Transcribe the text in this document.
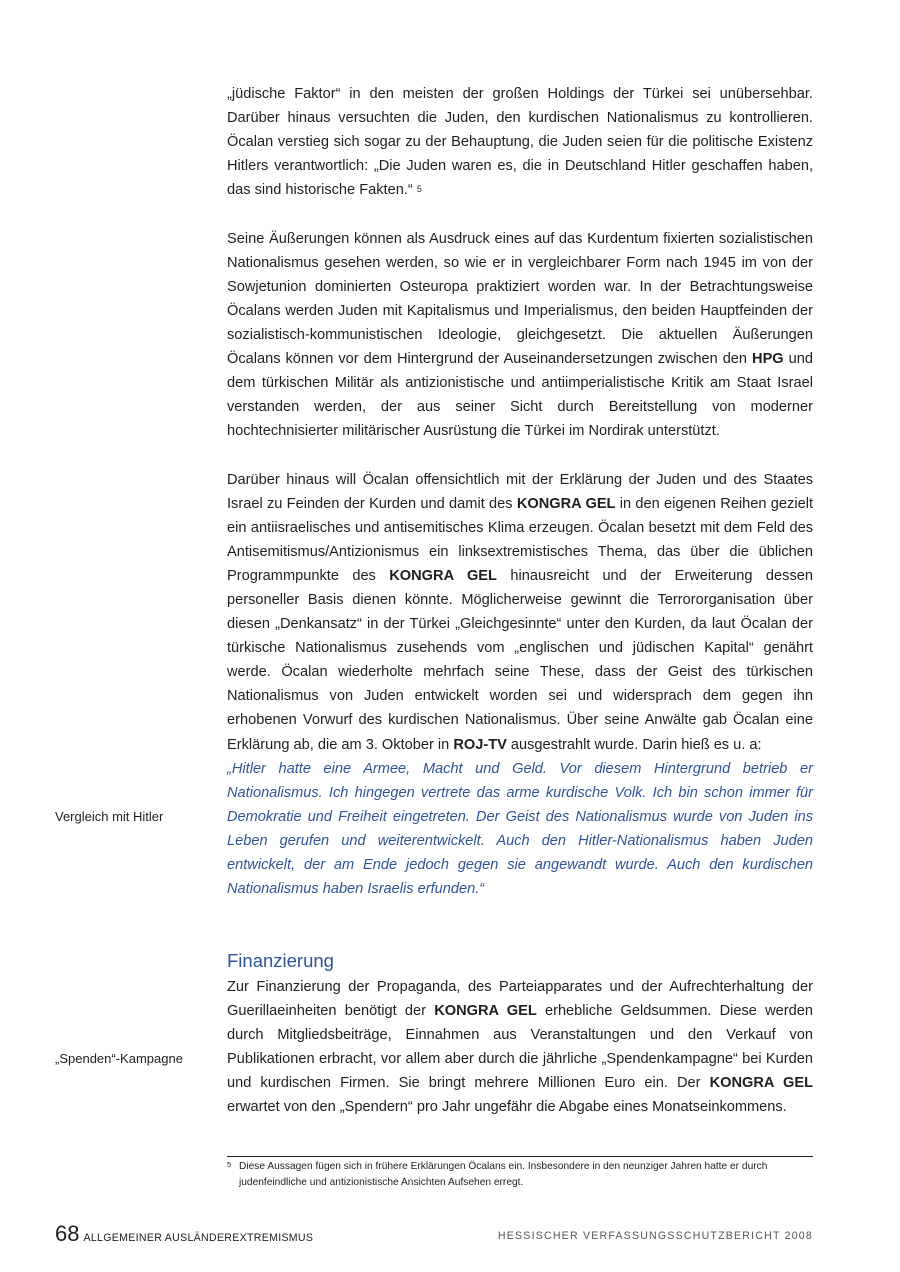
„jüdische Faktor“ in den meisten der großen Holdings der Türkei sei unübersehbar. Darüber hinaus versuchten die Juden, den kurdischen Nationalismus zu kontrollieren. Öcalan verstieg sich sogar zu der Behauptung, die Juden seien für die politische Existenz Hitlers verantwortlich: „Die Juden waren es, die in Deutschland Hitler geschaffen haben, das sind historische Fakten.“ $^5$

Seine Äußerungen können als Ausdruck eines auf das Kurdentum fixierten sozialistischen Nationalismus gesehen werden, so wie er in vergleichbarer Form nach 1945 im von der Sowjetunion dominierten Osteuropa praktiziert worden war. In der Betrachtungsweise Öcalans werden Juden mit Kapitalismus und Imperialismus, den beiden Hauptfeinden der sozialistisch-kommunistischen Ideologie, gleichgesetzt. Die aktuellen Äußerungen Öcalans können vor dem Hintergrund der Auseinandersetzungen zwischen den HPG und dem türkischen Militär als antizionistische und antiimperialistische Kritik am Staat Israel verstanden werden, der aus seiner Sicht durch Bereitstellung von moderner hochtechnisierter militärischer Ausrüstung die Türkei im Nordirak unterstützt.

Darüber hinaus will Öcalan offensichtlich mit der Erklärung der Juden und des Staates Israel zu Feinden der Kurden und damit des KONGRA GEL in den eigenen Reihen gezielt ein antiisraelisches und antisemitisches Klima erzeugen. Öcalan besetzt mit dem Feld des Antisemitismus/Antizionismus ein linksextremistisches Thema, das über die üblichen Programmpunkte des KONGRA GEL hinausreicht und der Erweiterung dessen personeller Basis dienen könnte. Möglicherweise gewinnt die Terrororganisation über diesen „Denkansatz“ in der Türkei „Gleichgesinnte“ unter den Kurden, da laut Öcalan der türkische Nationalismus zusehends vom „englischen und jüdischen Kapital“ genährt werde. Öcalan wiederholte mehrfach seine These, dass der Geist des türkischen Nationalismus von Juden entwickelt worden sei und widersprach dem gegen ihn erhobenen Vorwurf des kurdischen Nationalismus. Über seine Anwälte gab Öcalan eine Erklärung ab, die am 3. Oktober in ROJ-TV ausgestrahlt wurde. Darin hieß es u. a:
„Hitler hatte eine Armee, Macht und Geld. Vor diesem Hintergrund betrieb er Nationalismus. Ich hingegen vertrete das arme kurdische Volk. Ich bin schon immer für Demokratie und Freiheit eingetreten. Der Geist des Nationalismus wurde von Juden ins Leben gerufen und weiterentwickelt. Auch den Hitler-Nationalismus haben Juden entwickelt, der am Ende jedoch gegen sie angewandt wurde. Auch den kurdischen Nationalismus haben Israelis erfunden.“

Vergleich mit Hitler
Finanzierung

Zur Finanzierung der Propaganda, des Parteiapparates und der Aufrechterhaltung der Guerillaeinheiten benötigt der KONGRA GEL erhebliche Geldsummen. Diese werden durch Mitgliedsbeiträge, Einnahmen aus Veranstaltungen und den Verkauf von Publikationen erbracht, vor allem aber durch die jährliche „Spendenkampagne“ bei Kurden und kurdischen Firmen. Sie bringt mehrere Millionen Euro ein. Der KONGRA GEL erwartet von den „Spendern“ pro Jahr ungefähr die Abgabe eines Monatseinkommens.

„Spenden“-Kampagne
5 Diese Aussagen fügen sich in frühere Erklärungen Öcalans ein. Insbesondere in den neunziger Jahren hatte er durch judenfeindliche und antizionistische Ansichten Aufsehen erregt.
68 ALLGEMEINER AUSLÄNDEREXTREMISMUS	HESSISCHER VERFASSUNGSSCHUTZBERICHT 2008
